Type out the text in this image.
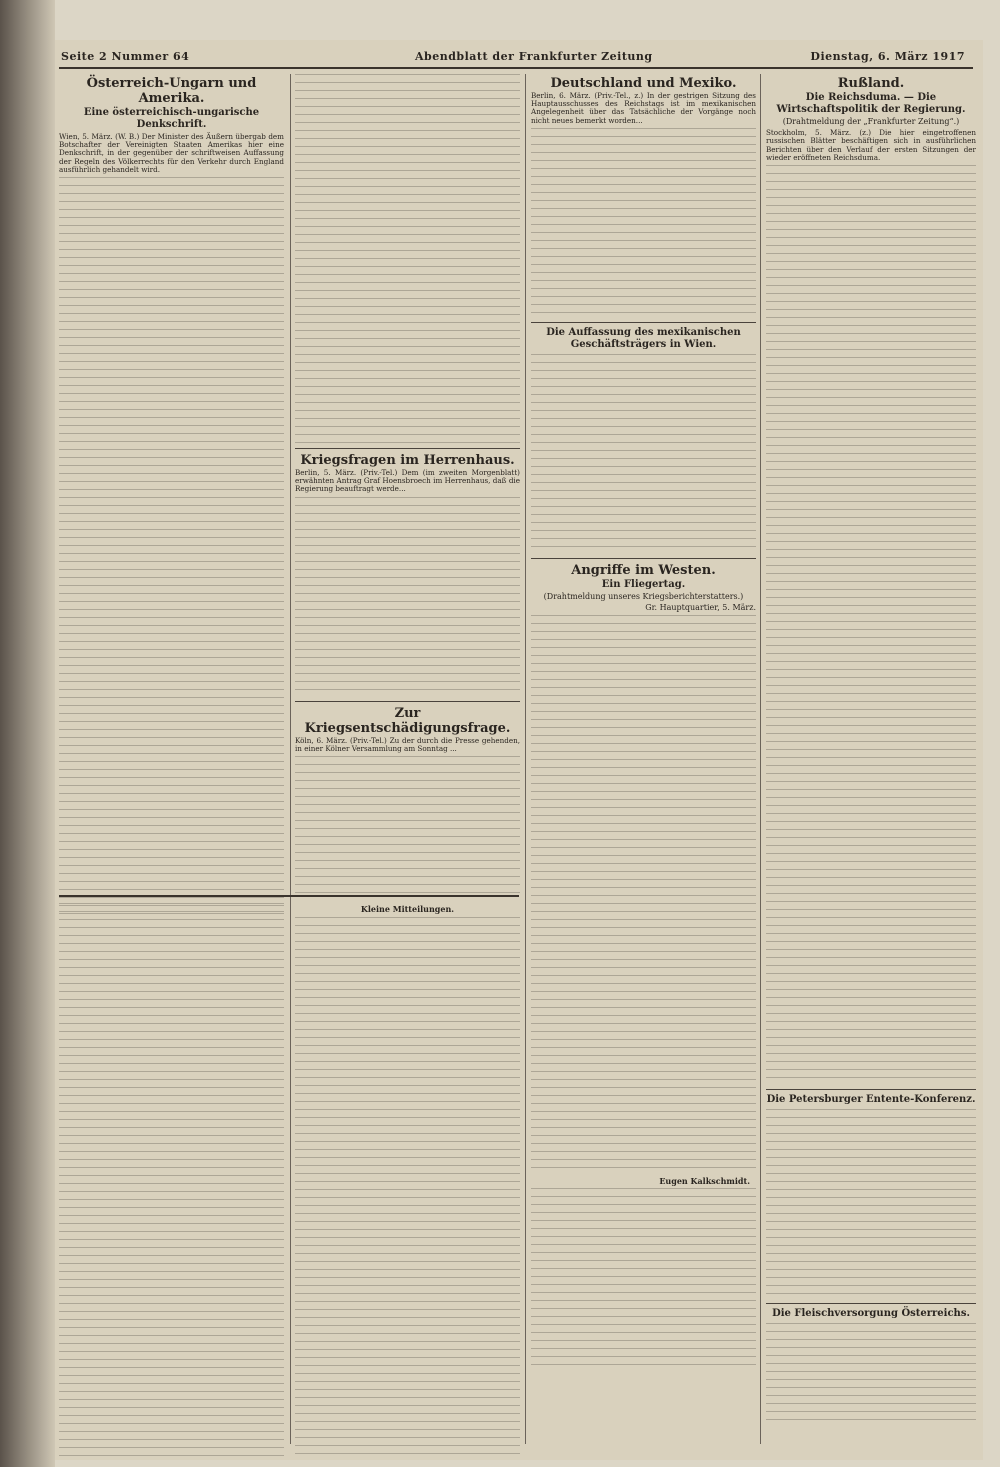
Seite 2 Nummer 64	Abendblatt der Frankfurter Zeitung	Dienstag, 6. März 1917
Österreich-Ungarn und Amerika.
Eine österreichisch-ungarische Denkschrift.
Wien, 5. März. (W. B.) Der Minister des Äußern übergab dem Botschafter der Vereinigten Staaten Amerikas hier eine Denkschrift, in der gegenüber der schriftweisen Auffassung der Regeln des Völkerrechts für den Verkehr durch England ausführlich gehandelt wird.
Kriegsfragen im Herrenhaus.
Berlin, 5. März. (Priv.-Tel.) Dem (im zweiten Morgenblatt) erwähnten Antrag Graf Hoensbroech im Herrenhaus, daß die Regierung beauftragt werde...
Zur Kriegsentschädigungsfrage.
Köln, 6. März. (Priv.-Tel.) Zu der durch die Presse gehenden, in einer Kölner Versammlung am Sonntag ...
Deutschland und Mexiko.
Berlin, 6. März. (Priv.-Tel., z.) In der gestrigen Sitzung des Hauptausschusses des Reichstags ist im mexikanischen Angelegenheit über das Tatsächliche der Vorgänge noch nicht neues bemerkt worden...
Die Auffassung des mexikanischen Geschäftsträgers in Wien.
Angriffe im Westen.
Ein Fliegertag.
(Drahtmeldung unseres Kriegsberichterstatters.)
Gr. Hauptquartier, 5. März.
Eugen Kalkschmidt.
Rußland.
Die Reichsduma. — Die Wirtschaftspolitik der Regierung.
(Drahtmeldung der „Frankfurter Zeitung“.)
Stockholm, 5. März. (z.) Die hier eingetroffenen russischen Blätter beschäftigen sich in ausführlichen Berichten über den Verlauf der ersten Sitzungen der wieder eröffneten Reichsduma.
Die Petersburger Entente-Konferenz.
Die Fleischversorgung Österreichs.
Kleine Mitteilungen.
